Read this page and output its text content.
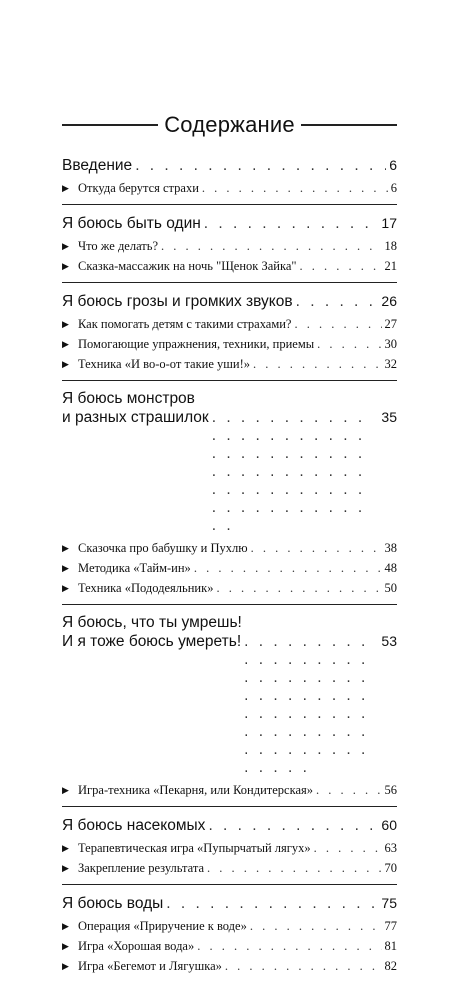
Содержание
Введение . . .	6
▶ Откуда берутся страхи . . .	6
Я боюсь быть один . . .	17
▶ Что же делать? . . .	18
▶ Сказка-массажик на ночь "Щенок Зайка" . . .	21
Я боюсь грозы и громких звуков . . .	26
▶ Как помогать детям с такими страхами? . . .	27
▶ Помогающие упражнения, техники, приемы . . .	30
▶ Техника «И во-о-от такие уши!» . . .	32
Я боюсь монстров
и разных страшилок . . .	35
▶ Сказочка про бабушку и Пухлю . . .	38
▶ Методика «Тайм-ин» . . .	48
▶ Техника «Пододеяльник» . . .	50
Я боюсь, что ты умрешь!
И я тоже боюсь умереть! . . .	53
▶ Игра-техника «Пекарня, или Кондитерская» . . .	56
Я боюсь насекомых . . .	60
▶ Терапевтическая игра «Пупырчатый лягух» . . .	63
▶ Закрепление результата . . .	70
Я боюсь воды . . .	75
▶ Операция «Приручение к воде» . . .	77
▶ Игра «Хорошая вода» . . .	81
▶ Игра «Бегемот и Лягушка» . . .	82
